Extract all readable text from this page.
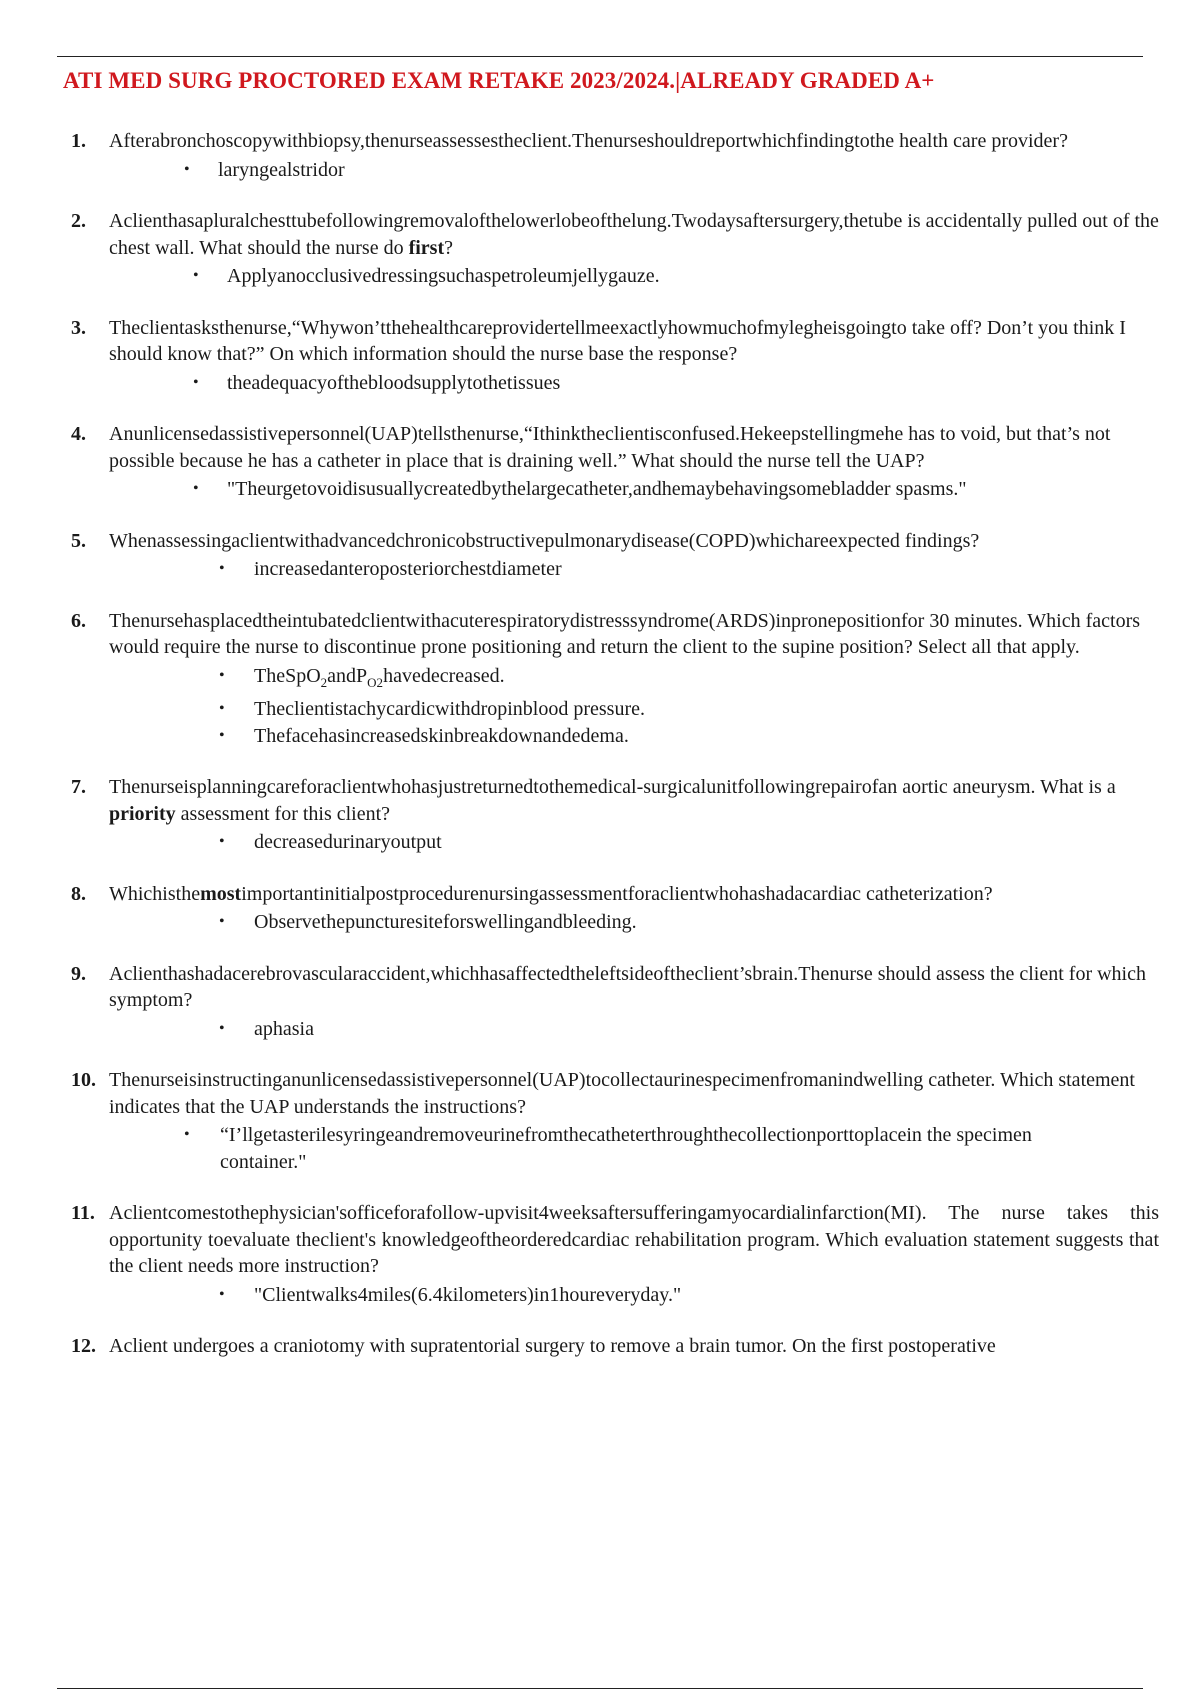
ATI MED SURG PROCTORED EXAM RETAKE 2023/2024.|ALREADY GRADED A+
1. Afterabronchoscopywithbiopsy,thenurseassessestheclient.Thenurseshouldreportwhichfindingtothe health care provider?

• laryngealstridor
2. Aclienthasapluralchesttubefollowingremovalofthelowerlobeofthelung.Twodaysaftersurgery,thetube is accidentally pulled out of the chest wall. What should the nurse do first?

• Applyanocclusivedressingsuchaspetroleumjellygauze.
3. Theclientasksthenurse,“Whywon’tthehealthcareprovidertellmeexactlyhowmuchofmylegheisgoingto take off? Don’t you think I should know that?” On which information should the nurse base the response?

• theadequacyofthebloodsupplytothetissues
4. Anunlicensedassistivepersonnel(UAP)tellsthenurse,“Ithinktheclientisconfused.Hekeepstellingmehe has to void, but that’s not possible because he has a catheter in place that is draining well.” What should the nurse tell the UAP?

• "Theurgetovoidisusuallycreatedbythelargecatheter,andhemaybehavingsomebladder spasms."
5. Whenassessingaclientwithadvancedchronicobstructivepulmonarydisease(COPD)whichareexpected findings?

• increasedanteroposteriorchestdiameter
6. Thenursehasplacedtheintubatedclientwithacuterespiratorydistresssyndrome(ARDS)inpronepositionfor 30 minutes. Which factors would require the nurse to discontinue prone positioning and return the client to the supine position? Select all that apply.

• TheSpO$_2$andP$_{O2}$havedecreased.
• Theclientistachycardicwithdropinblood pressure.
• Thefacehasincreasedskinbreakdownandedema.
7. Thenurseisplanningcareforaclientwhohasjustreturnedtothemedical-surgicalunitfollowingrepairofan aortic aneurysm. What is a priority assessment for this client?

• decreasedurinaryoutput
8. Whichisthemostimportantinitialpostprocedurenursingassessmentforaclientwhohashadacardiac catheterization?

• Observethepuncturesiteforswellingandbleeding.
9. Aclienthashadacerebrovascularaccident,whichhasaffectedtheleftsideoftheclient’sbrain.Thenurse should assess the client for which symptom?

• aphasia
10. Thenurseisinstructinganunlicensedassistivepersonnel(UAP)tocollectaurinespecimenfromanindwelling catheter. Which statement indicates that the UAP understands the instructions?

• “I’llgetasterilesyringeandremoveurinefromthecatheterthroughthecollectionporttoplacein the specimen container."
11. Aclientcomestothephysician'sofficeforafollow-upvisit4weeksaftersufferingamyocardialinfarction(MI). The nurse takes this opportunity toevaluate theclient's knowledgeoftheorderedcardiac rehabilitation program. Which evaluation statement suggests that the client needs more instruction?

• "Clientwalks4miles(6.4kilometers)in1houreveryday."
12. Aclient undergoes a craniotomy with supratentorial surgery to remove a brain tumor. On the first postoperative
